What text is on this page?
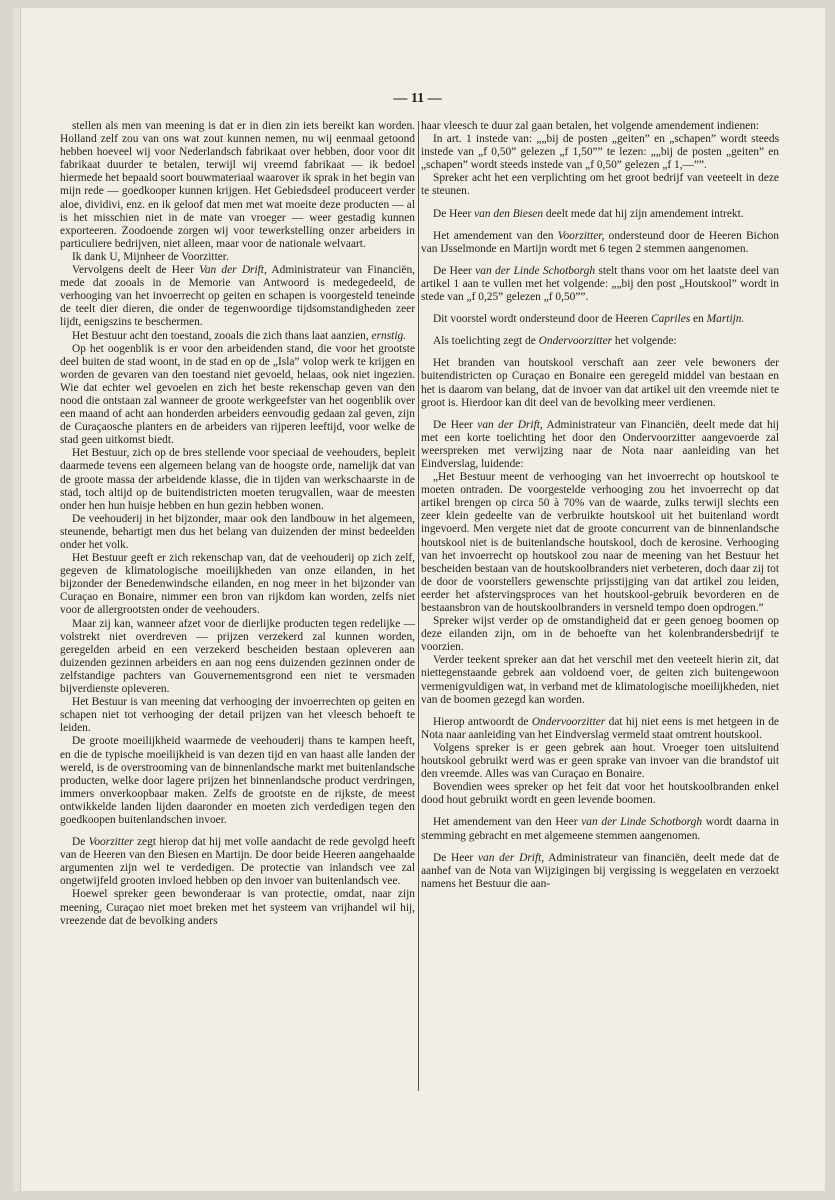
— 11 —

stellen als men van meening is dat er in dien zin iets bereikt kan worden. Holland zelf zou van ons wat zout kunnen nemen, nu wij eenmaal getoond hebben hoeveel wij voor Nederlandsch fabrikaat over hebben, door voor dit fabrikaat duurder te betalen, terwijl wij vreemd fabrikaat — ik bedoel hiermede het bepaald soort bouwmateriaal waarover ik sprak in het begin van mijn rede — goedkooper kunnen krijgen. Het Gebiedsdeel produceert verder aloe, dividivi, enz. en ik geloof dat men met wat moeite deze producten — al is het misschien niet in de mate van vroeger — weer gestadig kunnen exporteeren. Zoodoende zorgen wij voor tewerkstelling onzer arbeiders in particuliere bedrijven, niet alleen, maar voor de nationale welvaart.

Ik dank U, Mijnheer de Voorzitter.

Vervolgens deelt de Heer Van der Drift, Administrateur van Financiën, mede dat zooals in de Memorie van Antwoord is medegedeeld, de verhooging van het invoerrecht op geiten en schapen is voorgesteld teneinde de teelt dier dieren, die onder de tegenwoordige tijdsomstandigheden zeer lijdt, eenigszins te beschermen.

Het Bestuur acht den toestand, zooals die zich thans laat aanzien, ernstig.

Op het oogenblik is er voor den arbeidenden stand, die voor het grootste deel buiten de stad woont, in de stad en op de „Isla” volop werk te krijgen en worden de gevaren van den toestand niet gevoeld, helaas, ook niet ingezien. Wie dat echter wel gevoelen en zich het beste rekenschap geven van den nood die ontstaan zal wanneer de groote werkgeefster van het oogenblik over een maand of acht aan honderden arbeiders eenvoudig gedaan zal geven, zijn de Curaçaosche planters en de arbeiders van rijperen leeftijd, voor welke de stad geen uitkomst biedt.

Het Bestuur, zich op de bres stellende voor speciaal de veehouders, bepleit daarmede tevens een algemeen belang van de hoogste orde, namelijk dat van de groote massa der arbeidende klasse, die in tijden van werkschaarste in de stad, toch altijd op de buitendistricten moeten terugvallen, waar de meesten onder hen hun huisje hebben en hun gezin hebben wonen.

De veehouderij in het bijzonder, maar ook den landbouw in het algemeen, steunende, behartigt men dus het belang van duizenden der minst bedeelden onder het volk.

Het Bestuur geeft er zich rekenschap van, dat de veehouderij op zich zelf, gegeven de klimatologische moeilijkheden van onze eilanden, in het bijzonder der Benedenwindsche eilanden, en nog meer in het bijzonder van Curaçao en Bonaire, nimmer een bron van rijkdom kan worden, zelfs niet voor de allergrootsten onder de veehouders.

Maar zij kan, wanneer afzet voor de dierlijke producten tegen redelijke — volstrekt niet overdreven — prijzen verzekerd zal kunnen worden, geregelden arbeid en een verzekerd bescheiden bestaan opleveren aan duizenden gezinnen arbeiders en aan nog eens duizenden gezinnen onder de zelfstandige pachters van Gouvernementsgrond een niet te versmaden bijverdienste opleveren.

Het Bestuur is van meening dat verhooging der invoerrechten op geiten en schapen niet tot verhooging der detail prijzen van het vleesch behoeft te leiden.

De groote moeilijkheid waarmede de veehouderij thans te kampen heeft, en die de typische moeilijkheid is van dezen tijd en van haast alle landen der wereld, is de overstrooming van de binnenlandsche markt met buitenlandsche producten, welke door lagere prijzen het binnenlandsche product verdringen, immers onverkoopbaar maken. Zelfs de grootste en de rijkste, de meest ontwikkelde landen lijden daaronder en moeten zich verdedigen tegen den goedkoopen buitenlandschen invoer.

De Voorzitter zegt hierop dat hij met volle aandacht de rede gevolgd heeft van de Heeren van den Biesen en Martijn. De door beide Heeren aangehaalde argumenten zijn wel te verdedigen. De protectie van inlandsch vee zal ongetwijfeld grooten invloed hebben op den invoer van buitenlandsch vee.

Hoewel spreker geen bewonderaar is van protectie, omdat, naar zijn meening, Curaçao niet moet breken met het systeem van vrijhandel wil hij, vreezende dat de bevolking anders

haar vleesch te duur zal gaan betalen, het volgende amendement indienen:

In art. 1 instede van: „„bij de posten „geiten” en „schapen” wordt steeds instede van „f 0,50” gelezen „f 1,50”” te lezen: „„bij de posten „geiten” en „schapen” wordt steeds instede van „f 0,50” gelezen „f 1,—””.

Spreker acht het een verplichting om het groot bedrijf van veeteelt in deze te steunen.

De Heer van den Biesen deelt mede dat hij zijn amendement intrekt.

Het amendement van den Voorzitter, ondersteund door de Heeren Bichon van IJsselmonde en Martijn wordt met 6 tegen 2 stemmen aangenomen.

De Heer van der Linde Schotborgh stelt thans voor om het laatste deel van artikel 1 aan te vullen met het volgende: „„bij den post „Houtskool” wordt in stede van „f 0,25” gelezen „f 0,50””.

Dit voorstel wordt ondersteund door de Heeren Capriles en Martijn.

Als toelichting zegt de Ondervoorzitter het volgende:

Het branden van houtskool verschaft aan zeer vele bewoners der buitendistricten op Curaçao en Bonaire een geregeld middel van bestaan en het is daarom van belang, dat de invoer van dat artikel uit den vreemde niet te groot is. Hierdoor kan dit deel van de bevolking meer verdienen.

De Heer van der Drift, Administrateur van Financiën, deelt mede dat hij met een korte toelichting het door den Ondervoorzitter aangevoerde zal weerspreken met verwijzing naar de Nota naar aanleiding van het Eindverslag, luidende:

„Het Bestuur meent de verhooging van het invoerrecht op houtskool te moeten ontraden. De voorgestelde verhooging zou het invoerrecht op dat artikel brengen op circa 50 à 70% van de waarde, zulks terwijl slechts een zeer klein gedeelte van de verbruikte houtskool uit het buitenland wordt ingevoerd. Men vergete niet dat de groote concurrent van de binnenlandsche houtskool niet is de buitenlandsche houtskool, doch de kerosine. Verhooging van het invoerrecht op houtskool zou naar de meening van het Bestuur het bescheiden bestaan van de houtskoolbranders niet verbeteren, doch daar zij tot de door de voorstellers gewenschte prijsstijging van dat artikel zou leiden, eerder het afstervingsproces van het houtskool-gebruik bevorderen en de bestaansbron van de houtskoolbranders in versneld tempo doen opdrogen.”

Spreker wijst verder op de omstandigheid dat er geen genoeg boomen op deze eilanden zijn, om in de behoefte van het kolenbrandersbedrijf te voorzien.

Verder teekent spreker aan dat het verschil met den veeteelt hierin zit, dat niettegenstaande gebrek aan voldoend voer, de geiten zich buitengewoon vermenigvuldigen wat, in verband met de klimatologische moeilijkheden, niet van de boomen gezegd kan worden.

Hierop antwoordt de Ondervoorzitter dat hij niet eens is met hetgeen in de Nota naar aanleiding van het Eindverslag vermeld staat omtrent houtskool.

Volgens spreker is er geen gebrek aan hout. Vroeger toen uitsluitend houtskool gebruikt werd was er geen sprake van invoer van die brandstof uit den vreemde. Alles was van Curaçao en Bonaire.

Bovendien wees spreker op het feit dat voor het houtskoolbranden enkel dood hout gebruikt wordt en geen levende boomen.

Het amendement van den Heer van der Linde Schotborgh wordt daarna in stemming gebracht en met algemeene stemmen aangenomen.

De Heer van der Drift, Administrateur van financiën, deelt mede dat de aanhef van de Nota van Wijzigingen bij vergissing is weggelaten en verzoekt namens het Bestuur die aan-
